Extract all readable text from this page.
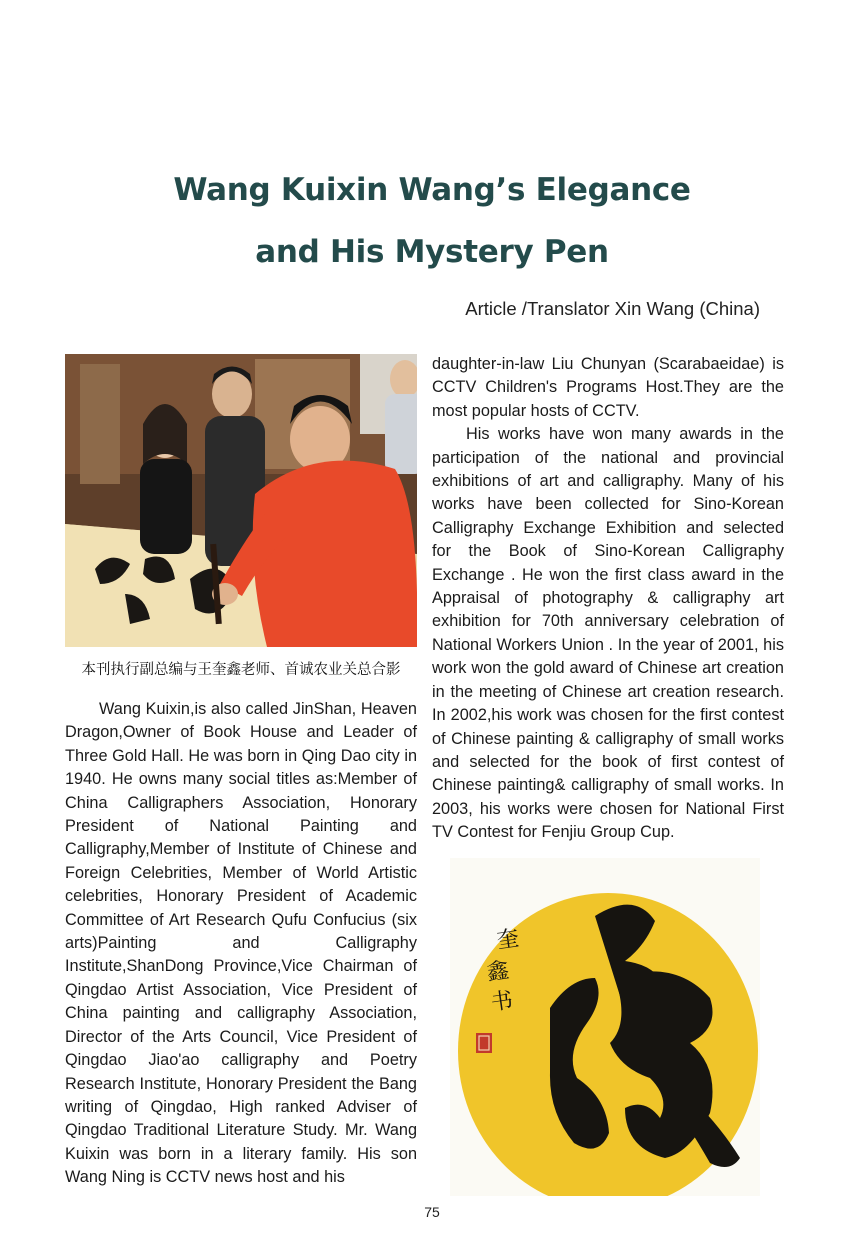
Wang Kuixin Wang’s Elegance
and His Mystery Pen
Article /Translator Xin Wang (China)
本刊执行副总编与王奎鑫老师、首诚农业关总合影

Wang Kuixin,is also called JinShan, Heaven Dragon,Owner of Book House and Leader of Three Gold Hall. He was born in Qing Dao city in 1940. He owns many social titles as:Member of China Calligraphers Association, Honorary President of National Painting and Calligraphy,Member of Institute of Chinese and Foreign Celebrities, Member of World Artistic celebrities, Honorary President of Academic Committee of Art Research Qufu Confucius (six arts)Painting and Calligraphy Institute,ShanDong Province,Vice Chairman of Qingdao Artist Association, Vice President of China painting and calligraphy Association, Director of the Arts Council, Vice President of Qingdao Jiao'ao calligraphy and Poetry Research Institute, Honorary President the Bang writing of Qingdao, High ranked Adviser of Qingdao Traditional Literature Study. Mr. Wang Kuixin was born in a literary family. His son Wang Ning is CCTV news host and his

daughter-in-law Liu Chunyan (Scarabaeidae) is CCTV Children's Programs Host.They are the most popular hosts of CCTV.

His works have won many awards in the participation of the national and provincial exhibitions of art and calligraphy. Many of his works have been collected for Sino-Korean Calligraphy Exchange Exhibition and selected for the Book of Sino-Korean Calligraphy Exchange . He won the first class award in the Appraisal of photography & calligraphy art exhibition for 70th anniversary celebration of National Workers Union . In the year of 2001, his work won the gold award of Chinese art creation in the meeting of Chinese art creation research. In 2002,his work was chosen for the first contest of Chinese painting & calligraphy of small works and selected for the book of first contest of Chinese painting& calligraphy of small works. In 2003, his works were chosen for National First TV Contest for Fenjiu Group Cup.

奎
鑫
书
75
